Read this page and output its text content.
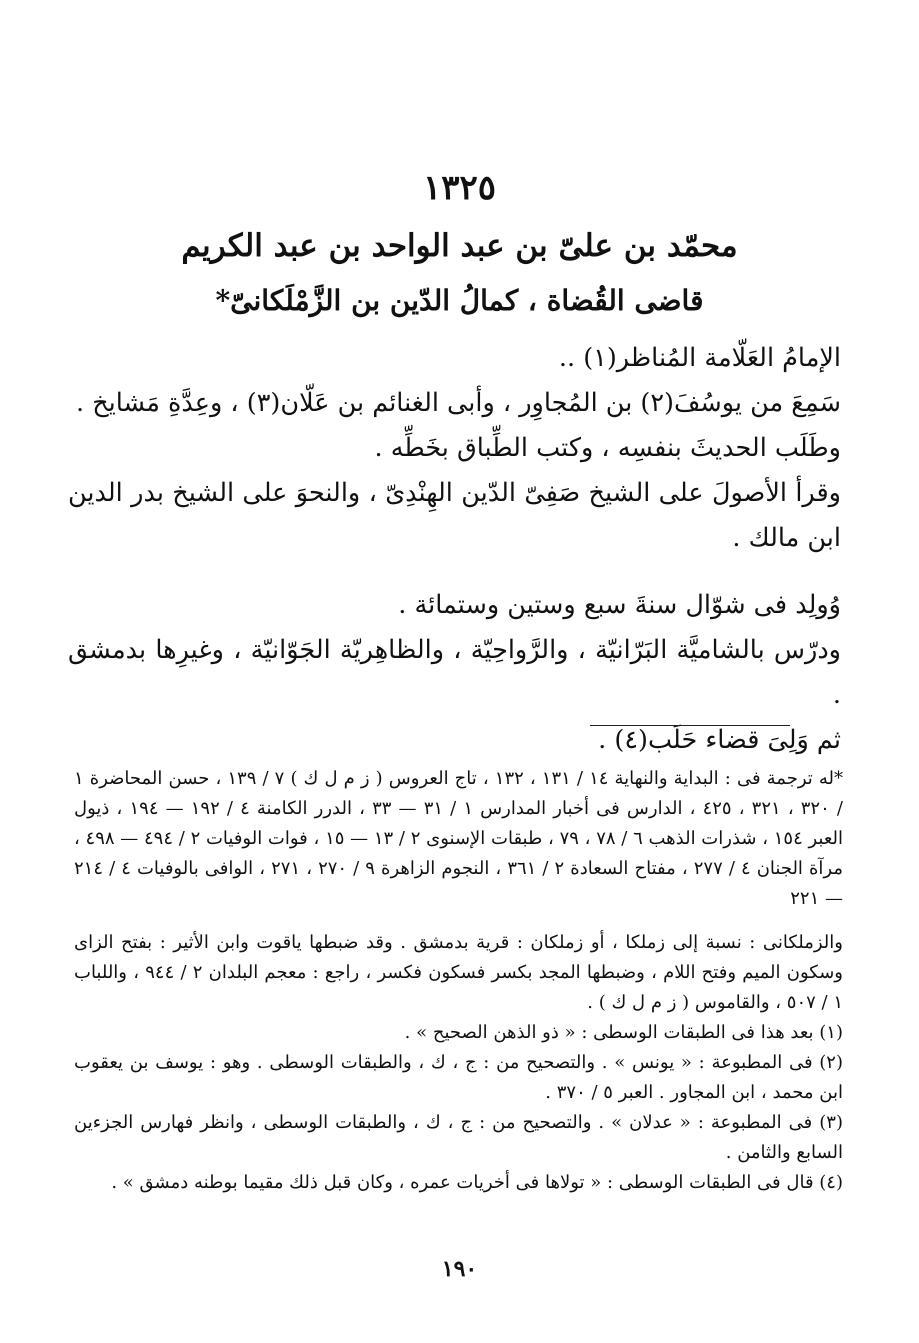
١٣٢٥
محمّد بن علىّ بن عبد الواحد بن عبد الكريم
قاضى القُضاة ، كمالُ الدّين بن الزَّمْلَكانىّ*

الإمامُ العَلّامة المُناظر(١) ..

سَمِعَ من يوسُفَ(٢) بن المُجاوِر ، وأبى الغنائم بن عَلّان(٣) ، وعِدَّةِ مَشايخ .

وطَلَب الحديثَ بنفسِه ، وكتب الطِّباق بخَطِّه .

وقرأ الأصولَ على الشيخ صَفِىّ الدّين الهِنْدِىّ ، والنحوَ على الشيخ بدر الدين ابن مالك .

وُولِد فى شوّال سنةَ سبع وستين وستمائة .

ودرّس بالشاميَّة البَرّانيّة ، والرَّواحِيّة ، والظاهِريّة الجَوّانيّة ، وغيرِها بدمشق .

ثم وَلِىَ قضاء حَلَب(٤) .

*له ترجمة فى : البداية والنهاية ١٤ / ١٣١ ، ١٣٢ ، تاج العروس ( ز م ل ك ) ٧ / ١٣٩ ، حسن المحاضرة ١ / ٣٢٠ ، ٣٢١ ، ٤٢٥ ، الدارس فى أخبار المدارس ١ / ٣١ — ٣٣ ، الدرر الكامنة ٤ / ١٩٢ — ١٩٤ ، ذيول العبر ١٥٤ ، شذرات الذهب ٦ / ٧٨ ، ٧٩ ، طبقات الإسنوى ٢ / ١٣ — ١٥ ، فوات الوفيات ٢ / ٤٩٤ — ٤٩٨ ، مرآة الجنان ٤ / ٢٧٧ ، مفتاح السعادة ٢ / ٣٦١ ، النجوم الزاهرة ٩ / ٢٧٠ ، ٢٧١ ، الوافى بالوفيات ٤ / ٢١٤ — ٢٢١

والزملكانى : نسبة إلى زملكا ، أو زملكان : قرية بدمشق . وقد ضبطها ياقوت وابن الأثير : بفتح الزاى وسكون الميم وفتح اللام ، وضبطها المجد بكسر فسكون فكسر ، راجع : معجم البلدان ٢ / ٩٤٤ ، واللباب ١ / ٥٠٧ ، والقاموس ( ز م ل ك ) .

(١) بعد هذا فى الطبقات الوسطى : « ذو الذهن الصحيح » .

(٢) فى المطبوعة : « يونس » . والتصحيح من : ج ، ك ، والطبقات الوسطى . وهو : يوسف بن يعقوب ابن محمد ، ابن المجاور . العبر ٥ / ٣٧٠ .

(٣) فى المطبوعة : « عدلان » . والتصحيح من : ج ، ك ، والطبقات الوسطى ، وانظر فهارس الجزءين السابع والثامن .

(٤) قال فى الطبقات الوسطى : « تولاها فى أخريات عمره ، وكان قبل ذلك مقيما بوطنه دمشق » .

١٩٠
